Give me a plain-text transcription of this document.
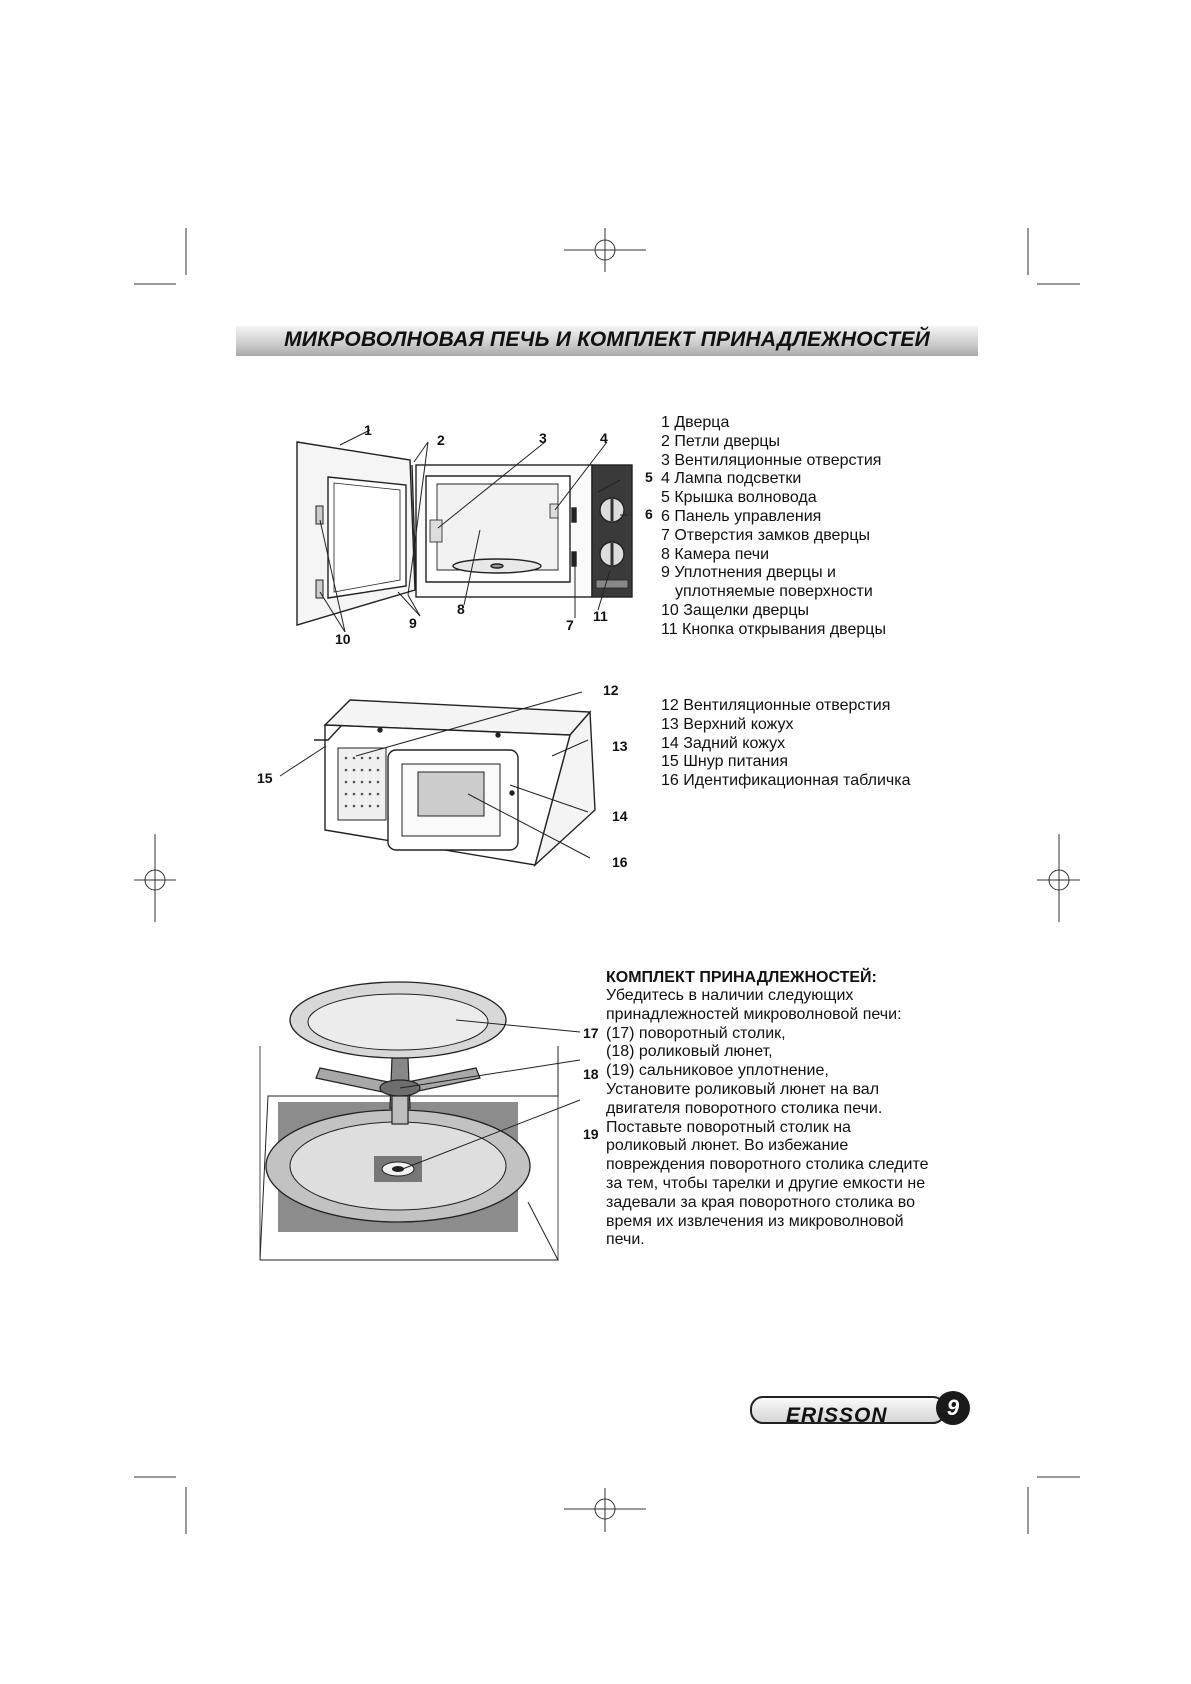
МИКРОВОЛНОВАЯ ПЕЧЬ И КОМПЛЕКТ ПРИНАДЛЕЖНОСТЕЙ
1
2	3	4
5
6
7
8
9
10
11
1 Дверца
2 Петли дверцы
3 Вентиляционные отверстия
4 Лампа подсветки
5 Крышка волновода
6 Панель управления
7 Отверстия замков дверцы
8 Камера печи
9 Уплотнения дверцы и
уплотняемые поверхности
10 Защелки дверцы
11 Кнопка открывания дверцы
12
13
14
15
16
12 Вентиляционные отверстия
13 Верхний кожух
14 Задний кожух
15 Шнур питания
16 Идентификационная табличка
17
18
19
КОМПЛЕКТ ПРИНАДЛЕЖНОСТЕЙ:
Убедитесь в наличии следующих
принадлежностей микроволновой печи:
(17) поворотный столик,
(18) роликовый люнет,
(19) сальниковое уплотнение,
Установите роликовый люнет на вал
двигателя поворотного столика печи.
Поставьте поворотный столик на
роликовый люнет. Во избежание
повреждения поворотного столика следите
за тем, чтобы тарелки и другие емкости не
задевали за края поворотного столика во
время их извлечения из микроволновой
печи.
ERISSON	9
